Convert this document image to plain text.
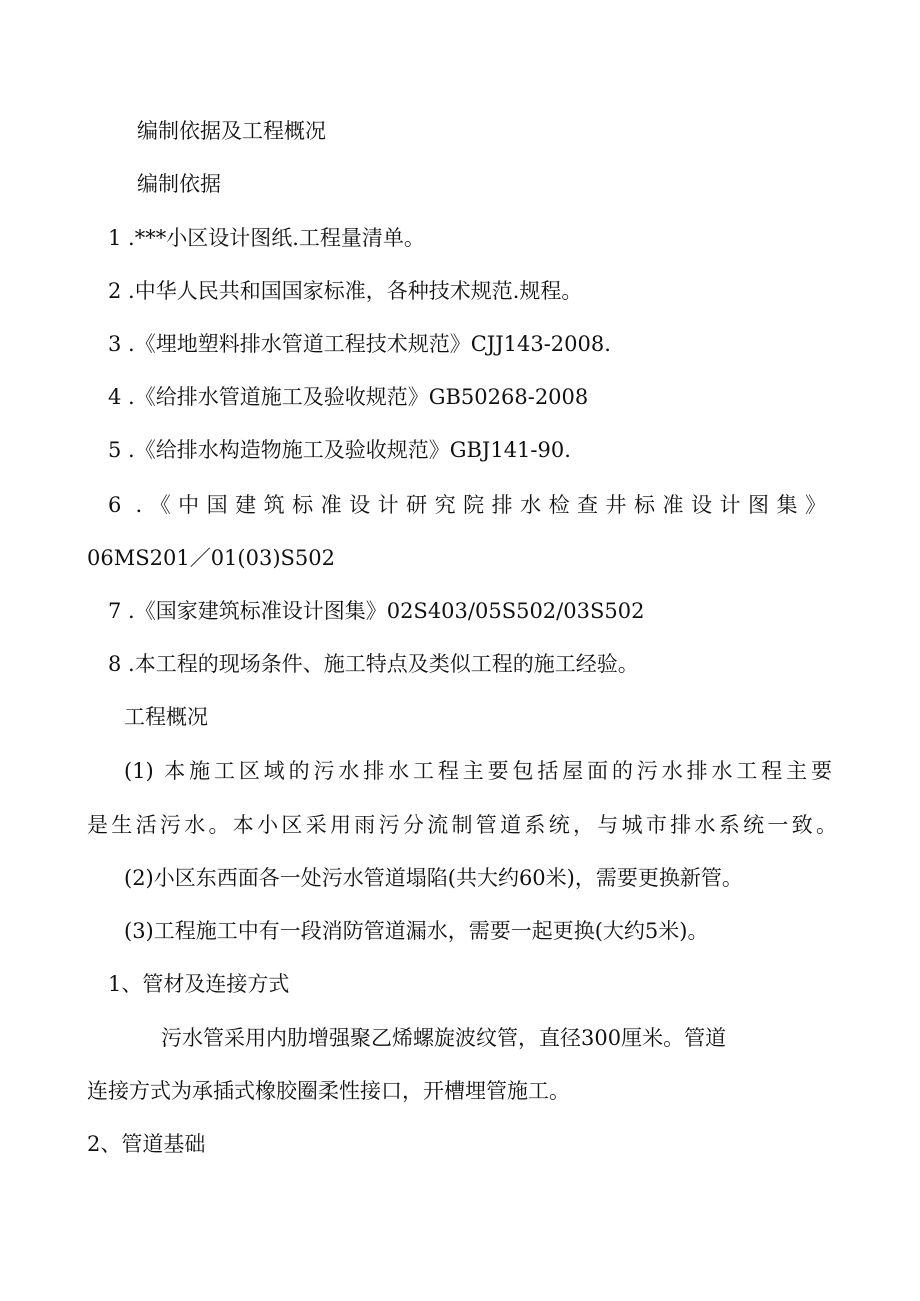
编制依据及工程概况
编制依据
1 .***小区设计图纸.工程量清单。
2 .中华人民共和国国家标准，各种技术规范.规程。
3 .《埋地塑料排水管道工程技术规范》CJJ143-2008.
4 .《给排水管道施工及验收规范》GB50268-2008
5 .《给排水构造物施工及验收规范》GBJ141-90.
6 .《中国建筑标准设计研究院排水检查井标准设计图集》
06MS201／01(03)S502
7 .《国家建筑标准设计图集》02S403/05S502/03S502
8 .本工程的现场条件、施工特点及类似工程的施工经验。
工程概况
(1) 本施工区域的污水排水工程主要包括屋面的污水排水工程主要
是生活污水。本小区采用雨污分流制管道系统，与城市排水系统一致。
(2)小区东西面各一处污水管道塌陷(共大约60米)，需要更换新管。
(3)工程施工中有一段消防管道漏水，需要一起更换(大约5米)。
1、管材及连接方式
污水管采用内肋增强聚乙烯螺旋波纹管，直径300厘米。管道
连接方式为承插式橡胶圈柔性接口，开槽埋管施工。
2、管道基础
